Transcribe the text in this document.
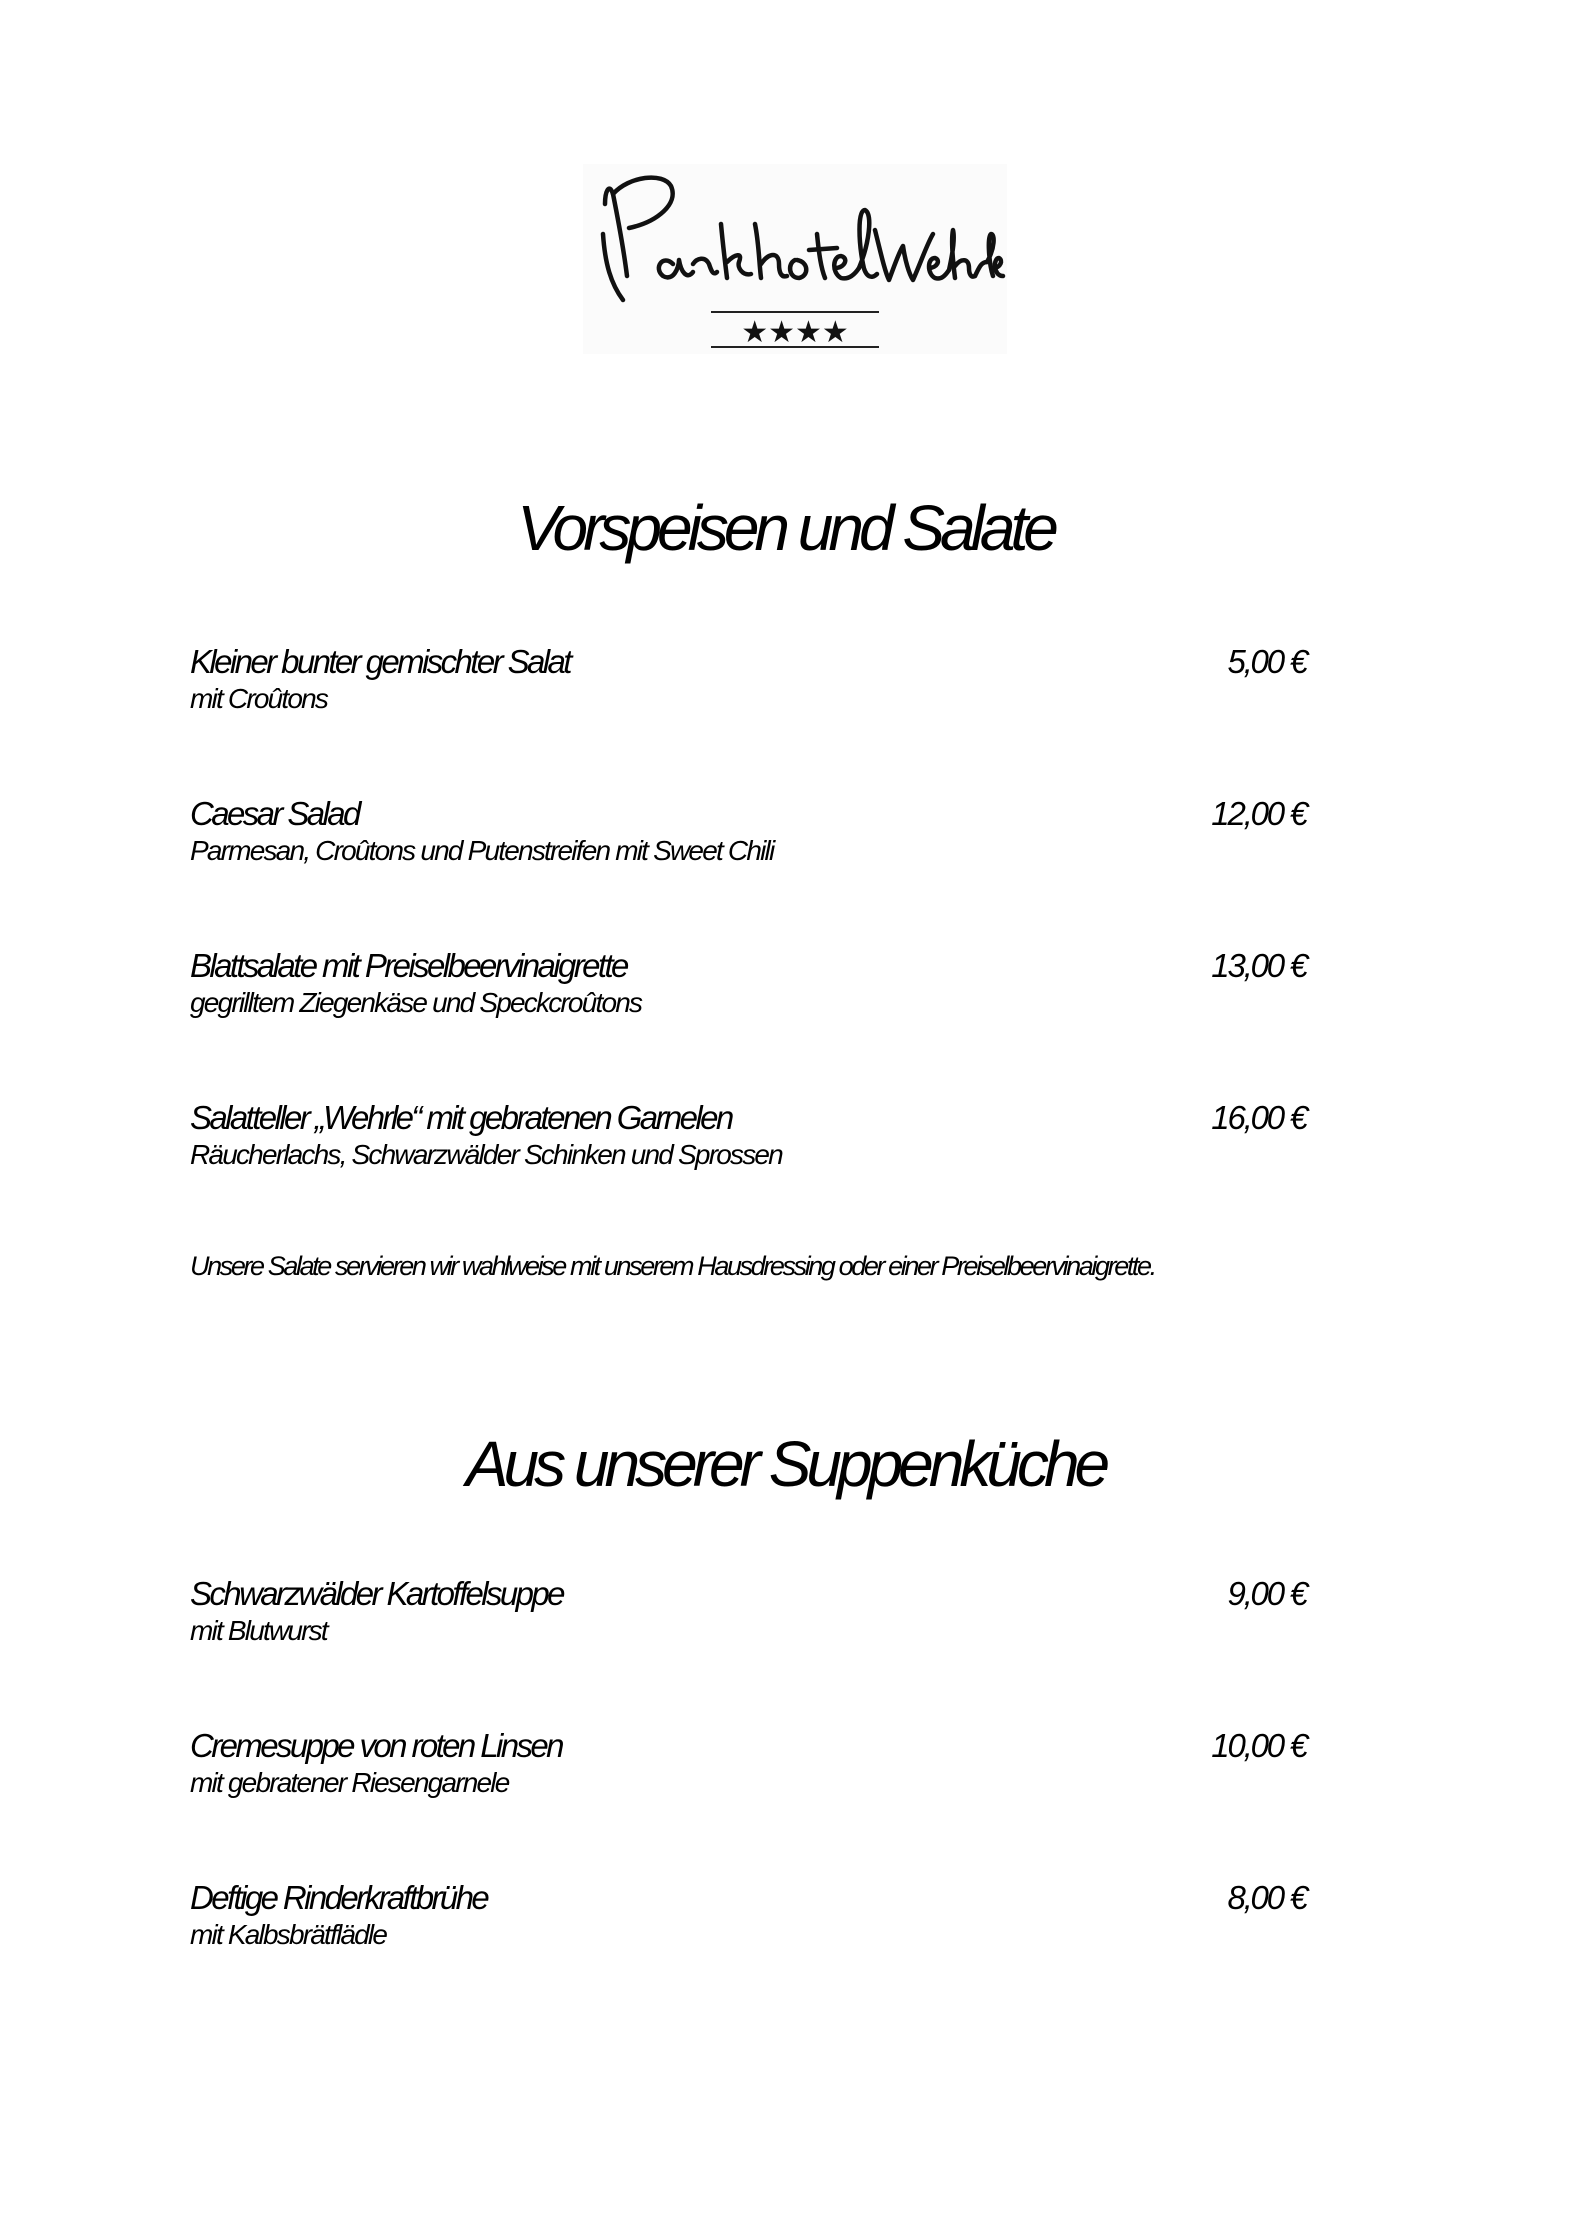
★★★★
Vorspeisen und Salate
Kleiner bunter gemischter Salat	5,00 €
mit Croûtons
Caesar Salad	12,00 €
Parmesan, Croûtons und Putenstreifen mit Sweet Chili
Blattsalate mit Preiselbeervinaigrette	13,00 €
gegrilltem Ziegenkäse und Speckcroûtons
Salatteller „Wehrle“ mit gebratenen Garnelen	16,00 €
Räucherlachs, Schwarzwälder Schinken und Sprossen
Unsere Salate servieren wir wahlweise mit unserem Hausdressing oder einer Preiselbeervinaigrette.
Aus unserer Suppenküche
Schwarzwälder Kartoffelsuppe	9,00 €
mit Blutwurst
Cremesuppe von roten Linsen	10,00 €
mit gebratener Riesengarnele
Deftige Rinderkraftbrühe	8,00 €
mit Kalbsbrätflädle
